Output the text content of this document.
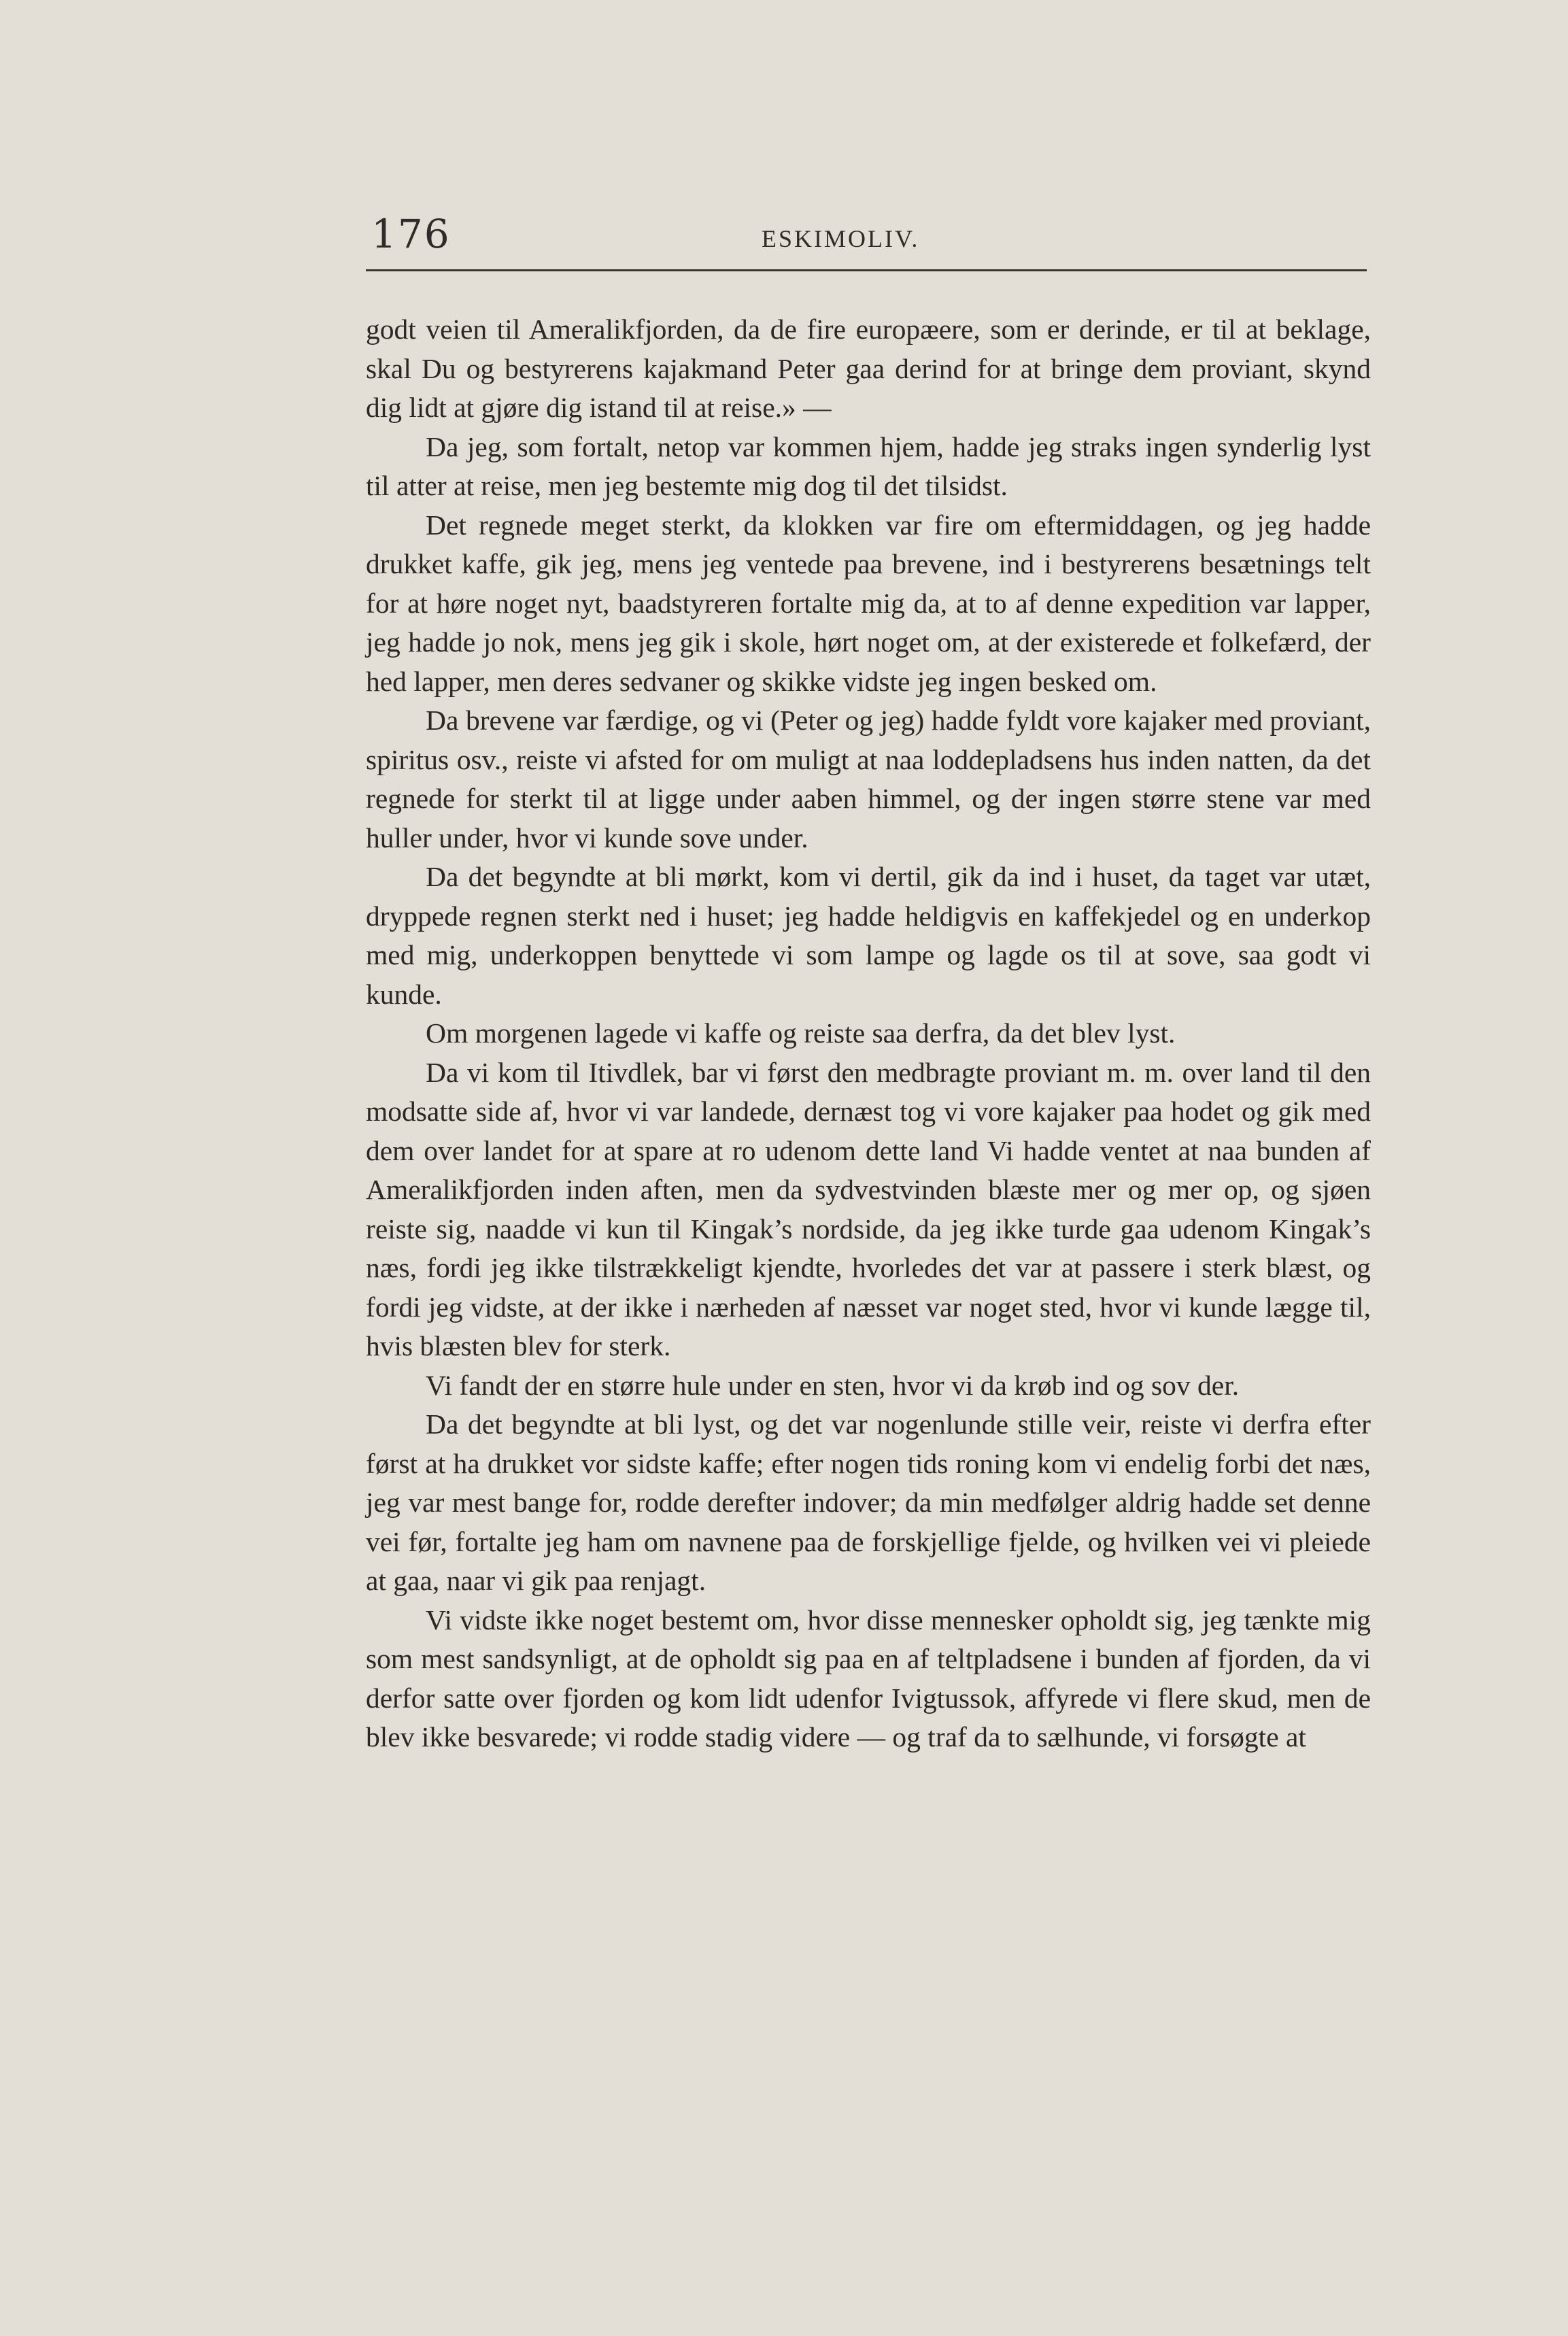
176	ESKIMOLIV.

godt veien til Ameralikfjorden, da de fire europæere, som er derinde, er til at beklage, skal Du og bestyrerens kajakmand Peter gaa derind for at bringe dem proviant, skynd dig lidt at gjøre dig istand til at reise.» —

Da jeg, som fortalt, netop var kommen hjem, hadde jeg straks ingen synderlig lyst til atter at reise, men jeg bestemte mig dog til det tilsidst.

Det regnede meget sterkt, da klokken var fire om eftermiddagen, og jeg hadde drukket kaffe, gik jeg, mens jeg ventede paa brevene, ind i bestyrerens besætnings telt for at høre noget nyt, baadstyreren fortalte mig da, at to af denne expedition var lapper, jeg hadde jo nok, mens jeg gik i skole, hørt noget om, at der existerede et folkefærd, der hed lapper, men deres sedvaner og skikke vidste jeg ingen besked om.

Da brevene var færdige, og vi (Peter og jeg) hadde fyldt vore kajaker med proviant, spiritus osv., reiste vi afsted for om muligt at naa loddepladsens hus inden natten, da det regnede for sterkt til at ligge under aaben himmel, og der ingen større stene var med huller under, hvor vi kunde sove under.

Da det begyndte at bli mørkt, kom vi dertil, gik da ind i huset, da taget var utæt, dryppede regnen sterkt ned i huset; jeg hadde heldigvis en kaffekjedel og en underkop med mig, underkoppen benyttede vi som lampe og lagde os til at sove, saa godt vi kunde.

Om morgenen lagede vi kaffe og reiste saa derfra, da det blev lyst.

Da vi kom til Itivdlek, bar vi først den medbragte proviant m. m. over land til den modsatte side af, hvor vi var landede, dernæst tog vi vore kajaker paa hodet og gik med dem over landet for at spare at ro udenom dette land Vi hadde ventet at naa bunden af Ameralikfjorden inden aften, men da sydvestvinden blæste mer og mer op, og sjøen reiste sig, naadde vi kun til Kingak’s nordside, da jeg ikke turde gaa udenom Kingak’s næs, fordi jeg ikke tilstrækkeligt kjendte, hvorledes det var at passere i sterk blæst, og fordi jeg vidste, at der ikke i nærheden af næsset var noget sted, hvor vi kunde lægge til, hvis blæsten blev for sterk.

Vi fandt der en større hule under en sten, hvor vi da krøb ind og sov der.

Da det begyndte at bli lyst, og det var nogenlunde stille veir, reiste vi derfra efter først at ha drukket vor sidste kaffe; efter nogen tids roning kom vi endelig forbi det næs, jeg var mest bange for, rodde derefter indover; da min medfølger aldrig hadde set denne vei før, fortalte jeg ham om navnene paa de forskjellige fjelde, og hvilken vei vi pleiede at gaa, naar vi gik paa renjagt.

Vi vidste ikke noget bestemt om, hvor disse mennesker opholdt sig, jeg tænkte mig som mest sandsynligt, at de opholdt sig paa en af teltpladsene i bunden af fjorden, da vi derfor satte over fjorden og kom lidt udenfor Ivigtussok, affyrede vi flere skud, men de blev ikke besvarede; vi rodde stadig videre — og traf da to sælhunde, vi forsøgte at
